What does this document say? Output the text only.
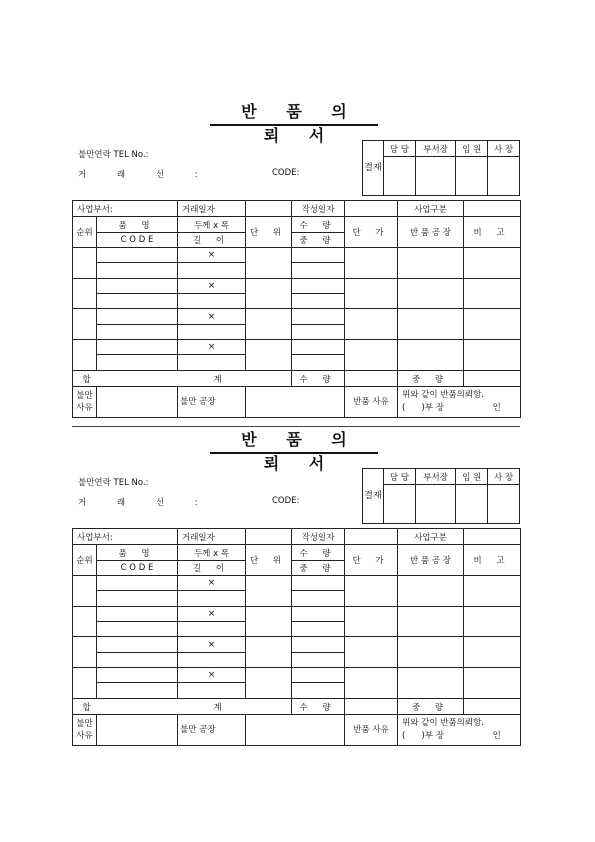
반 품 의 뢰 서
불만연락 TEL No.:
거 래 선 :	CODE:	결재	담 당	부서장	임 원	사 장

사업부서:		거래일자		작성일자		사업구분	
순위	품 명	두께 x 폭	단 위	수 량	단 가	반 품 공 장	비 고
	C O D E	길 이		중 량			
		×					

		×					

		×					

		×					

합 계				수 량		중 량	
불만 사유		불만 공장			반품 사유	위와 같이 반품의뢰함.
(      )부 장                  인	
반 품 의 뢰 서
불만연락 TEL No.:
거 래 선 :	CODE:	결재	담 당	부서장	임 원	사 장

사업부서:		거래일자		작성일자		사업구분	
순위	품 명	두께 x 폭	단 위	수 량	단 가	반 품 공 장	비 고
	C O D E	길 이		중 량			
		×					

		×					

		×					

		×					

합 계				수 량		중 량	
불만 사유		불만 공장			반품 사유	위와 같이 반품의뢰함.
(      )부 장                  인	
